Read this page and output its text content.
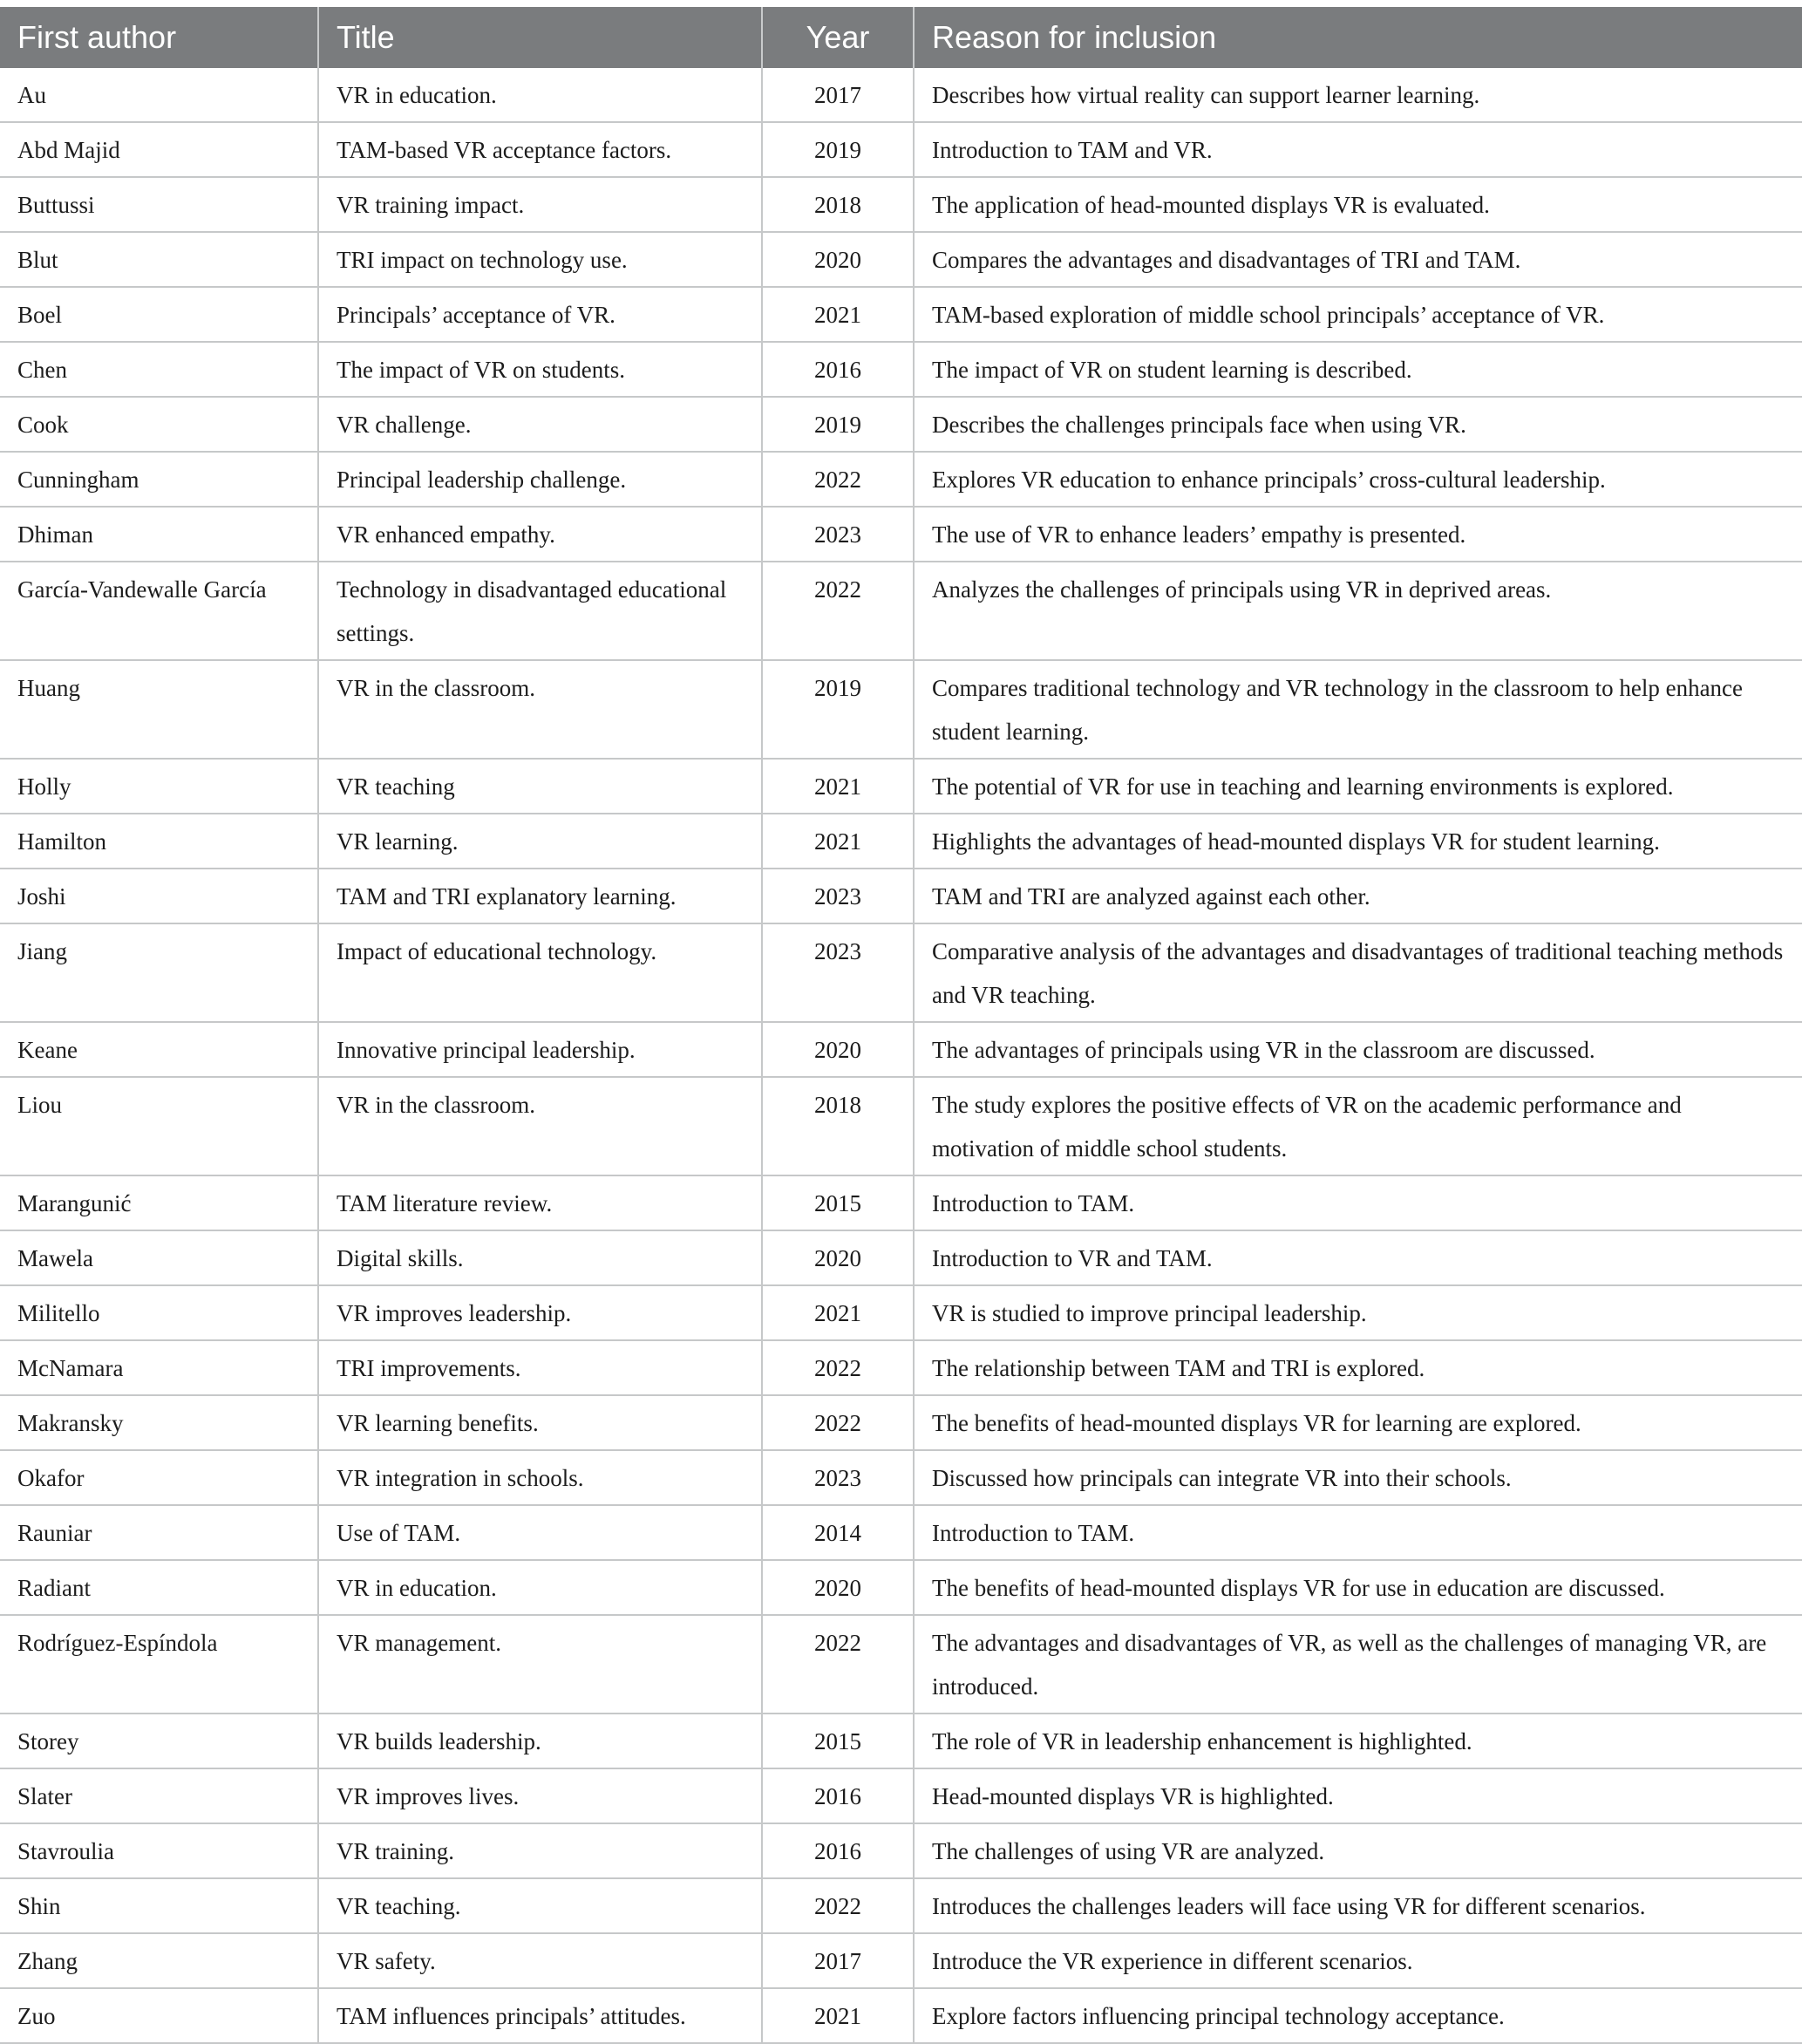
First author	Title	Year	Reason for inclusion
Au	VR in education.	2017	Describes how virtual reality can support learner learning.
Abd Majid	TAM-based VR acceptance factors.	2019	Introduction to TAM and VR.
Buttussi	VR training impact.	2018	The application of head-mounted displays VR is evaluated.
Blut	TRI impact on technology use.	2020	Compares the advantages and disadvantages of TRI and TAM.
Boel	Principals’ acceptance of VR.	2021	TAM-based exploration of middle school principals’ acceptance of VR.
Chen	The impact of VR on students.	2016	The impact of VR on student learning is described.
Cook	VR challenge.	2019	Describes the challenges principals face when using VR.
Cunningham	Principal leadership challenge.	2022	Explores VR education to enhance principals’ cross-cultural leadership.
Dhiman	VR enhanced empathy.	2023	The use of VR to enhance leaders’ empathy is presented.
García-Vandewalle García	Technology in disadvantaged educational settings.	2022	Analyzes the challenges of principals using VR in deprived areas.
Huang	VR in the classroom.	2019	Compares traditional technology and VR technology in the classroom to help enhance student learning.
Holly	VR teaching	2021	The potential of VR for use in teaching and learning environments is explored.
Hamilton	VR learning.	2021	Highlights the advantages of head-mounted displays VR for student learning.
Joshi	TAM and TRI explanatory learning.	2023	TAM and TRI are analyzed against each other.
Jiang	Impact of educational technology.	2023	Comparative analysis of the advantages and disadvantages of traditional teaching methods and VR teaching.
Keane	Innovative principal leadership.	2020	The advantages of principals using VR in the classroom are discussed.
Liou	VR in the classroom.	2018	The study explores the positive effects of VR on the academic performance and motivation of middle school students.
Marangunić	TAM literature review.	2015	Introduction to TAM.
Mawela	Digital skills.	2020	Introduction to VR and TAM.
Militello	VR improves leadership.	2021	VR is studied to improve principal leadership.
McNamara	TRI improvements.	2022	The relationship between TAM and TRI is explored.
Makransky	VR learning benefits.	2022	The benefits of head-mounted displays VR for learning are explored.
Okafor	VR integration in schools.	2023	Discussed how principals can integrate VR into their schools.
Rauniar	Use of TAM.	2014	Introduction to TAM.
Radiant	VR in education.	2020	The benefits of head-mounted displays VR for use in education are discussed.
Rodríguez-Espíndola	VR management.	2022	The advantages and disadvantages of VR, as well as the challenges of managing VR, are introduced.
Storey	VR builds leadership.	2015	The role of VR in leadership enhancement is highlighted.
Slater	VR improves lives.	2016	Head-mounted displays VR is highlighted.
Stavroulia	VR training.	2016	The challenges of using VR are analyzed.
Shin	VR teaching.	2022	Introduces the challenges leaders will face using VR for different scenarios.
Zhang	VR safety.	2017	Introduce the VR experience in different scenarios.
Zuo	TAM influences principals’ attitudes.	2021	Explore factors influencing principal technology acceptance.
